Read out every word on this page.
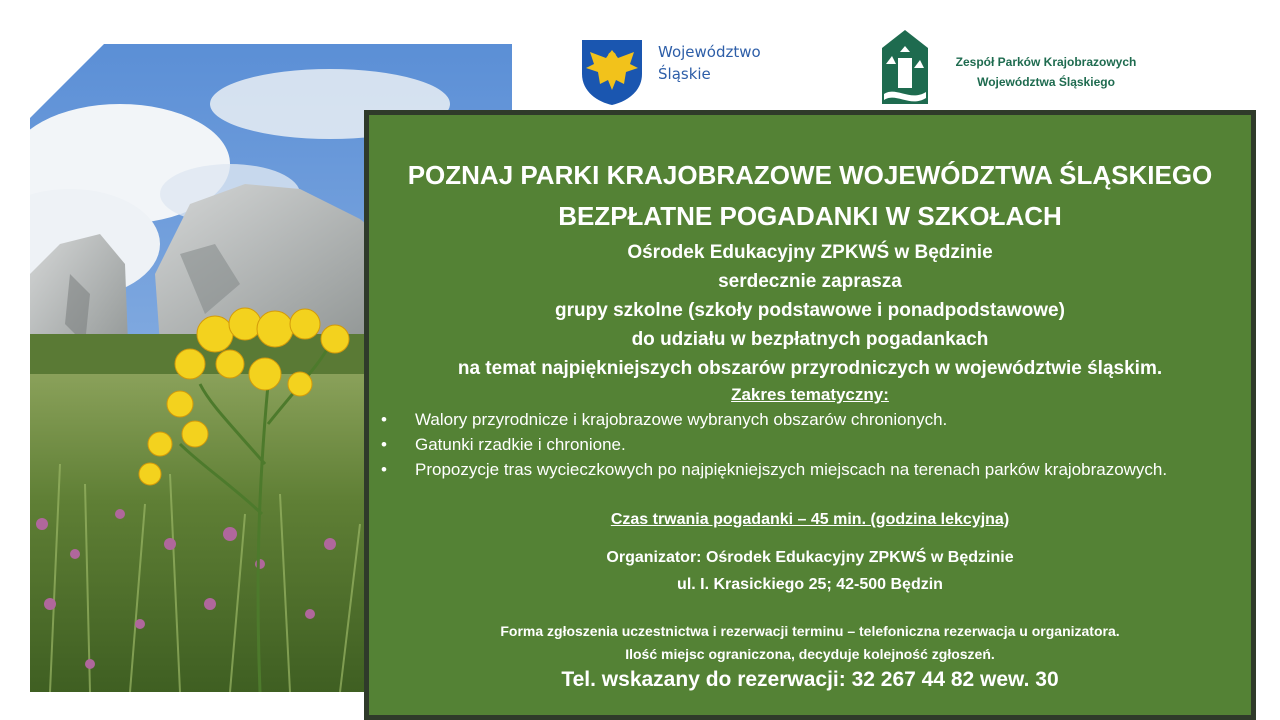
Województwo
Śląskie
Zespół Parków Krajobrazowych
Województwa Śląskiego
POZNAJ PARKI KRAJOBRAZOWE WOJEWÓDZTWA ŚLĄSKIEGO
BEZPŁATNE POGADANKI W SZKOŁACH
Ośrodek Edukacyjny ZPKWŚ w Będzinie
serdecznie zaprasza
grupy szkolne (szkoły podstawowe i ponadpodstawowe)
do udziału w bezpłatnych pogadankach
na temat najpiękniejszych obszarów przyrodniczych w województwie śląskim.
Zakres tematyczny:
• Walory przyrodnicze i krajobrazowe wybranych obszarów chronionych.
• Gatunki rzadkie i chronione.
• Propozycje tras wycieczkowych po najpiękniejszych miejscach na terenach parków krajobrazowych.
Czas trwania pogadanki – 45 min. (godzina lekcyjna)
Organizator: Ośrodek Edukacyjny ZPKWŚ w Będzinie
ul. I. Krasickiego 25; 42-500 Będzin
Forma zgłoszenia uczestnictwa i rezerwacji terminu – telefoniczna rezerwacja u organizatora.
Ilość miejsc ograniczona, decyduje kolejność zgłoszeń.
Tel. wskazany do rezerwacji: 32 267 44 82 wew. 30
